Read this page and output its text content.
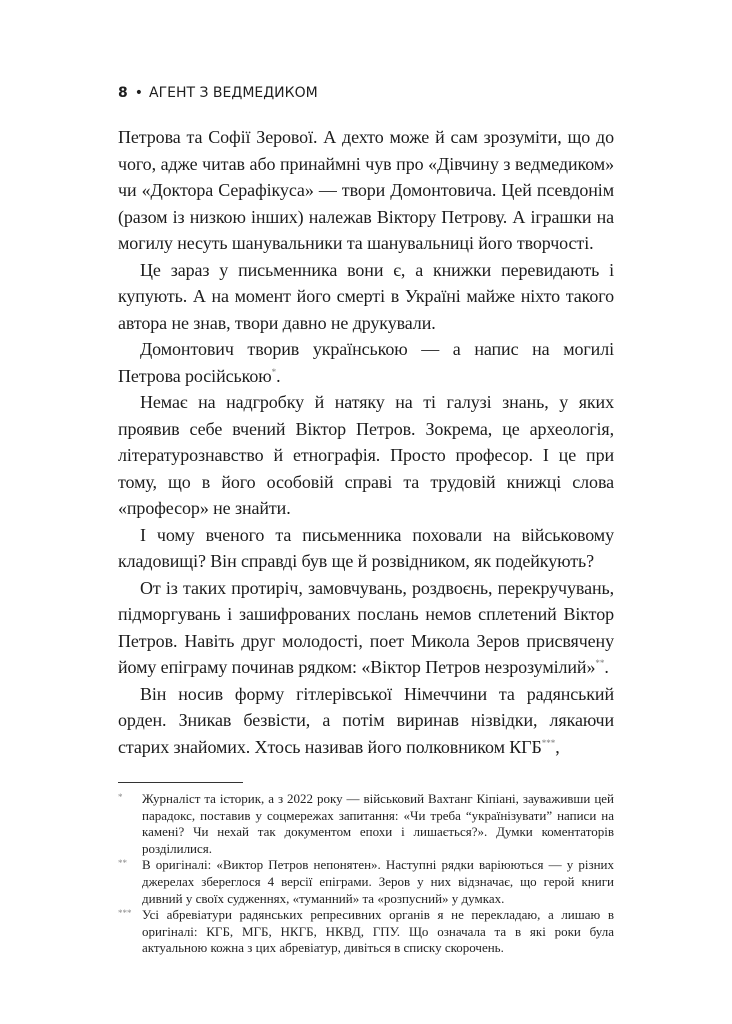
8 • АГЕНТ З ВЕДМЕДИКОМ

Петрова та Софії Зерової. А дехто може й сам зрозуміти, що до чого, адже читав або принаймні чув про «Дівчину з ведмедиком» чи «Доктора Серафікуса» — твори Домонтовича. Цей псевдонім (разом із низкою інших) належав Віктору Петрову. А іграшки на могилу несуть шанувальники та шанувальниці його творчості.

Це зараз у письменника вони є, а книжки перевидають і купують. А на момент його смерті в Україні майже ніхто такого автора не знав, твори давно не друкували.

Домонтович творив українською — а напис на могилі Петрова російською*.

Немає на надгробку й натяку на ті галузі знань, у яких проявив себе вчений Віктор Петров. Зокрема, це археологія, літературознавство й етнографія. Просто професор. І це при тому, що в його особовій справі та трудовій книжці слова «професор» не знайти.

І чому вченого та письменника поховали на військовому кладовищі? Він справді був ще й розвідником, як подейкують?

От із таких протиріч, замовчувань, роздвоєнь, перекручувань, підморгувань і зашифрованих послань немов сплетений Віктор Петров. Навіть друг молодості, поет Микола Зеров присвячену йому епіграму починав рядком: «Віктор Петров незрозумілий»**.

Він носив форму гітлерівської Німеччини та радянський орден. Зникав безвісти, а потім виринав нізвідки, лякаючи старих знайомих. Хтось називав його полковником КГБ***,

* Журналіст та історик, а з 2022 року — військовий Вахтанг Кіпіані, зауваживши цей парадокс, поставив у соцмережах запитання: «Чи треба “українізувати” написи на камені? Чи нехай так документом епохи і лишається?». Думки коментаторів розділилися.
** В оригіналі: «Виктор Петров непонятен». Наступні рядки варіюються — у різних джерелах збереглося 4 версії епіграми. Зеров у них відзначає, що герой книги дивний у своїх судженнях, «туманний» та «розпусний» у думках.
*** Усі абревіатури радянських репресивних органів я не перекладаю, а лишаю в оригіналі: КГБ, МГБ, НКГБ, НКВД, ГПУ. Що означала та в які роки була актуальною кожна з цих абревіатур, дивіться в списку скорочень.
